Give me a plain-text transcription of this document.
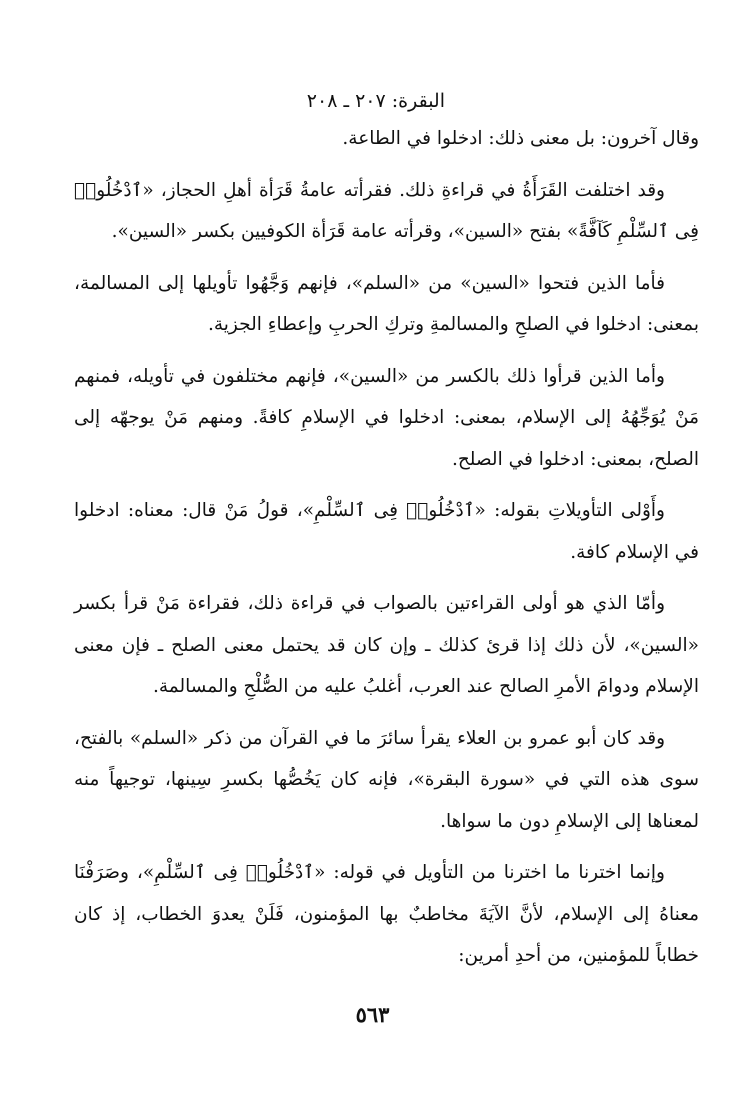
البقرة: ٢٠٧ ـ ٢٠٨

وقال آخرون: بل معنى ذلك: ادخلوا في الطاعة.

وقد اختلفت القَرَأَةُ في قراءةِ ذلك. فقرأته عامةُ قَرَأة أهلِ الحجاز، «ٱدْخُلُوا۟ فِى ٱلسِّلْمِ كَآفَّةً» بفتح «السين»، وقرأته عامة قَرَأة الكوفيين بكسر «السين».

فأما الذين فتحوا «السين» من «السلم»، فإنهم وَجَّهُوا تأويلها إلى المسالمة، بمعنى: ادخلوا في الصلحِ والمسالمةِ وتركِ الحربِ وإعطاءِ الجزية.

وأما الذين قرأوا ذلك بالكسر من «السين»، فإنهم مختلفون في تأويله، فمنهم مَنْ يُوَجِّهُهُ إلى الإسلام، بمعنى: ادخلوا في الإسلامِ كافةً. ومنهم مَنْ يوجهّه إلى الصلح، بمعنى: ادخلوا في الصلح.

وأَوْلى التأويلاتِ بقوله: «ٱدْخُلُوا۟ فِى ٱلسِّلْمِ»، قولُ مَنْ قال: معناه: ادخلوا في الإسلام كافة.

وأمّا الذي هو أولى القراءتين بالصواب في قراءة ذلك، فقراءة مَنْ قرأ بكسر «السين»، لأن ذلك إذا قرئ كذلك ـ وإن كان قد يحتمل معنى الصلح ـ فإن معنى الإسلام ودوامَ الأمرِ الصالح عند العرب، أغلبُ عليه من الصُّلْحِ والمسالمة.

وقد كان أبو عمرو بن العلاء يقرأ سائرَ ما في القرآن من ذكر «السلم» بالفتح، سوى هذه التي في «سورة البقرة»، فإنه كان يَخُصُّها بكسرِ سِينها، توجيهاً منه لمعناها إلى الإسلامِ دون ما سواها.

وإنما اخترنا ما اخترنا من التأويل في قوله: «ٱدْخُلُوا۟ فِى ٱلسِّلْمِ»، وصَرَفْنَا معناهُ إلى الإسلام، لأنَّ الآيَةَ مخاطبٌ بها المؤمنون، فَلَنْ يعدوَ الخطاب، إذ كان خطاباً للمؤمنين، من أحدِ أمرين:

٥٦٣
